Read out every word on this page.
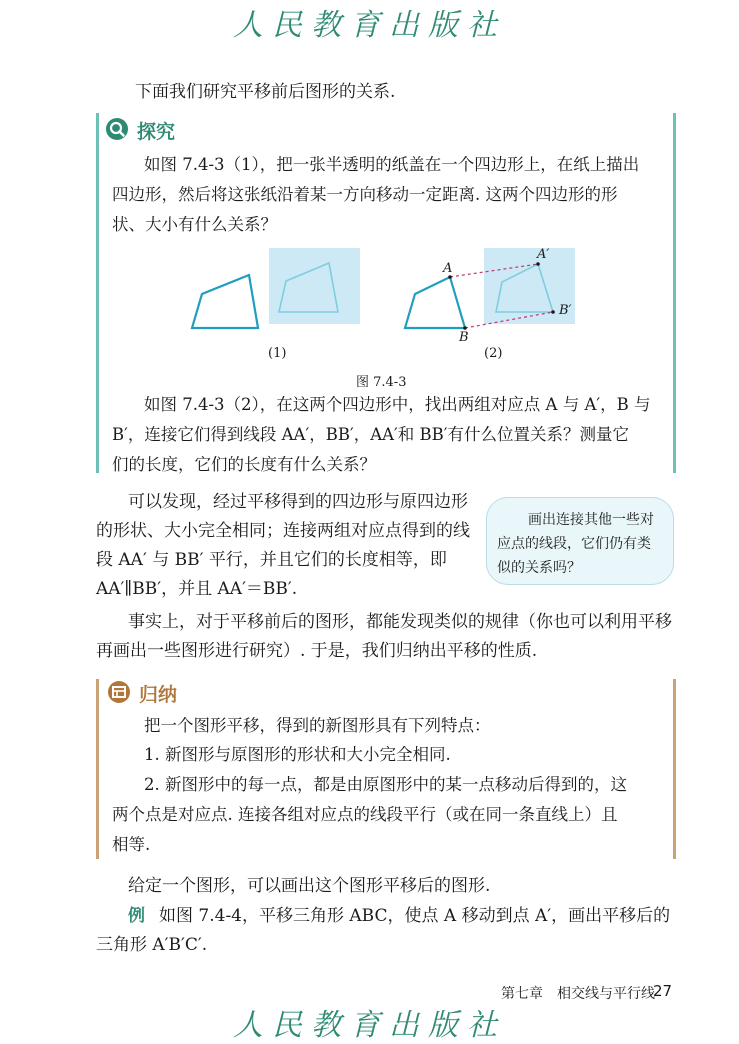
人民教育出版社
下面我们研究平移前后图形的关系.
探究
如图 7.4-3（1），把一张半透明的纸盖在一个四边形上，在纸上描出
四边形，然后将这张纸沿着某一方向移动一定距离. 这两个四边形的形
状、大小有什么关系？
A
A′
B
B′
(1)	(2)
图 7.4-3
如图 7.4-3（2），在这两个四边形中，找出两组对应点 A 与 A′，B 与
B′，连接它们得到线段 AA′，BB′，AA′和 BB′有什么位置关系？测量它
们的长度，它们的长度有什么关系？
可以发现，经过平移得到的四边形与原四边形
的形状、大小完全相同；连接两组对应点得到的线
段 AA′ 与 BB′ 平行，并且它们的长度相等，即
AA′∥BB′，并且 AA′＝BB′.
画出连接其他一些对
应点的线段，它们仍有类
似的关系吗？
事实上，对于平移前后的图形，都能发现类似的规律（你也可以利用平移
再画出一些图形进行研究）. 于是，我们归纳出平移的性质.
归纳
把一个图形平移，得到的新图形具有下列特点：
1. 新图形与原图形的形状和大小完全相同.
2. 新图形中的每一点，都是由原图形中的某一点移动后得到的，这
两个点是对应点. 连接各组对应点的线段平行（或在同一条直线上）且
相等.
给定一个图形，可以画出这个图形平移后的图形.
例 如图 7.4-4，平移三角形 ABC，使点 A 移动到点 A′，画出平移后的
三角形 A′B′C′.
第七章　相交线与平行线
27
人民教育出版社
